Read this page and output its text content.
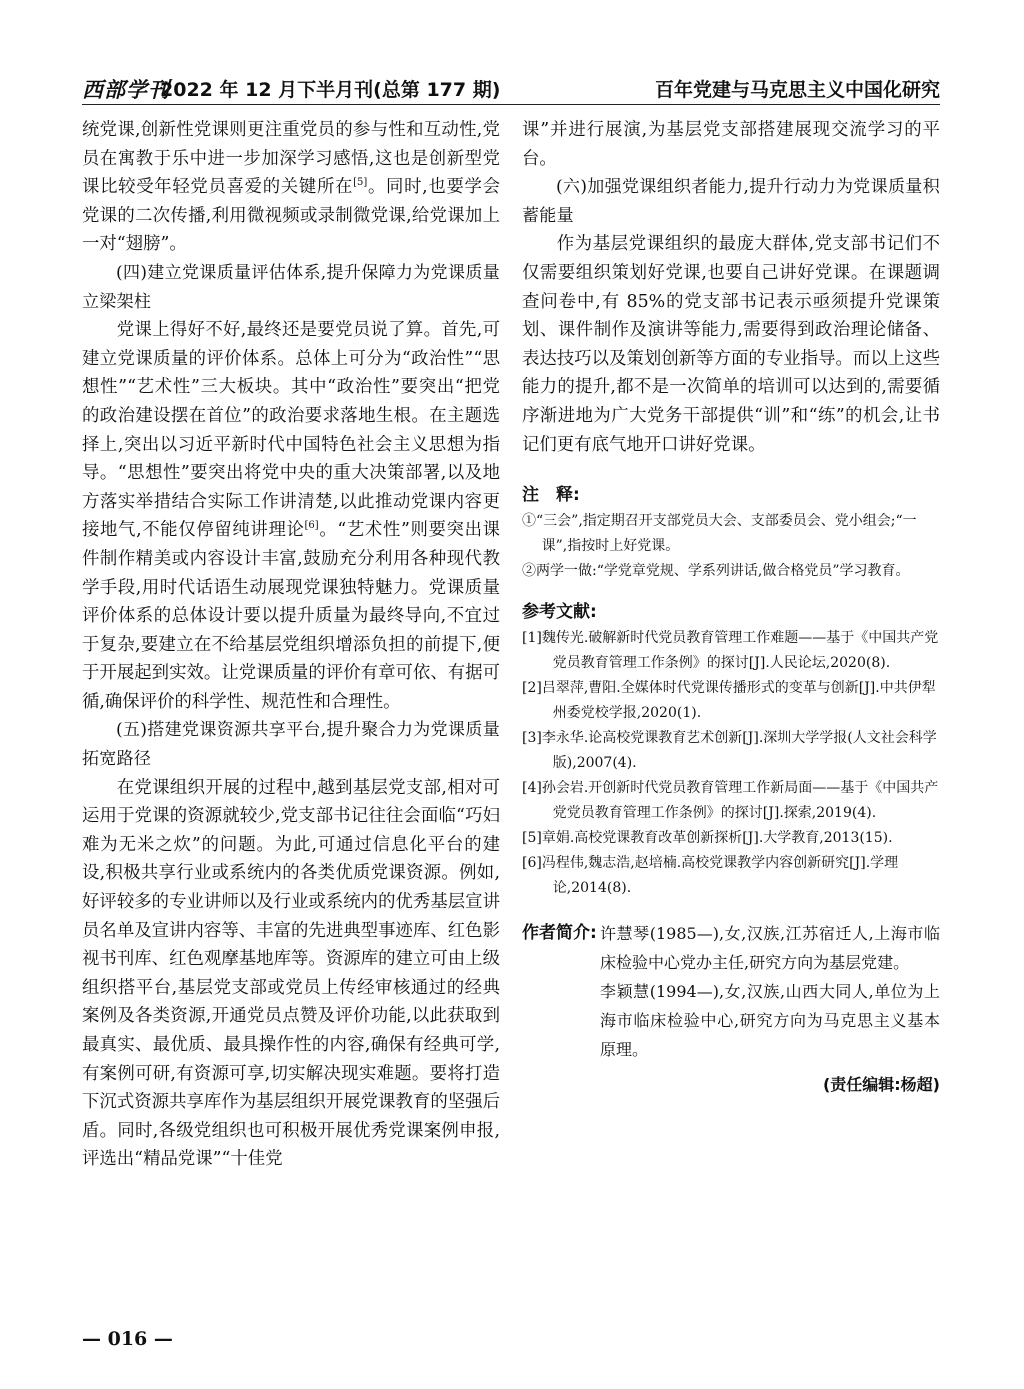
西部学刊
2022 年 12 月下半月刊(总第 177 期)	百年党建与马克思主义中国化研究

统党课,创新性党课则更注重党员的参与性和互动性,党员在寓教于乐中进一步加深学习感悟,这也是创新型党课比较受年轻党员喜爱的关键所在[5]。同时,也要学会党课的二次传播,利用微视频或录制微党课,给党课加上一对“翅膀”。

(四)建立党课质量评估体系,提升保障力为党课质量立梁架柱

党课上得好不好,最终还是要党员说了算。首先,可建立党课质量的评价体系。总体上可分为“政治性”“思想性”“艺术性”三大板块。其中“政治性”要突出“把党的政治建设摆在首位”的政治要求落地生根。在主题选择上,突出以习近平新时代中国特色社会主义思想为指导。“思想性”要突出将党中央的重大决策部署,以及地方落实举措结合实际工作讲清楚,以此推动党课内容更接地气,不能仅停留纯讲理论[6]。“艺术性”则要突出课件制作精美或内容设计丰富,鼓励充分利用各种现代教学手段,用时代话语生动展现党课独特魅力。党课质量评价体系的总体设计要以提升质量为最终导向,不宜过于复杂,要建立在不给基层党组织增添负担的前提下,便于开展起到实效。让党课质量的评价有章可依、有据可循,确保评价的科学性、规范性和合理性。

(五)搭建党课资源共享平台,提升聚合力为党课质量拓宽路径

在党课组织开展的过程中,越到基层党支部,相对可运用于党课的资源就较少,党支部书记往往会面临“巧妇难为无米之炊”的问题。为此,可通过信息化平台的建设,积极共享行业或系统内的各类优质党课资源。例如,好评较多的专业讲师以及行业或系统内的优秀基层宣讲员名单及宣讲内容等、丰富的先进典型事迹库、红色影视书刊库、红色观摩基地库等。资源库的建立可由上级组织搭平台,基层党支部或党员上传经审核通过的经典案例及各类资源,开通党员点赞及评价功能,以此获取到最真实、最优质、最具操作性的内容,确保有经典可学,有案例可研,有资源可享,切实解决现实难题。要将打造下沉式资源共享库作为基层组织开展党课教育的坚强后盾。同时,各级党组织也可积极开展优秀党课案例申报,评选出“精品党课”“十佳党

课”并进行展演,为基层党支部搭建展现交流学习的平台。

(六)加强党课组织者能力,提升行动力为党课质量积蓄能量

作为基层党课组织的最庞大群体,党支部书记们不仅需要组织策划好党课,也要自己讲好党课。在课题调查问卷中,有 85%的党支部书记表示亟须提升党课策划、课件制作及演讲等能力,需要得到政治理论储备、表达技巧以及策划创新等方面的专业指导。而以上这些能力的提升,都不是一次简单的培训可以达到的,需要循序渐进地为广大党务干部提供“训”和“练”的机会,让书记们更有底气地开口讲好党课。

注　释:

①“三会”,指定期召开支部党员大会、支部委员会、党小组会;“一课”,指按时上好党课。

②两学一做:“学党章党规、学系列讲话,做合格党员”学习教育。

参考文献:

[1]魏传光.破解新时代党员教育管理工作难题——基于《中国共产党党员教育管理工作条例》的探讨[J].人民论坛,2020(8).

[2]吕翠萍,曹阳.全媒体时代党课传播形式的变革与创新[J].中共伊犁州委党校学报,2020(1).

[3]李永华.论高校党课教育艺术创新[J].深圳大学学报(人文社会科学版),2007(4).

[4]孙会岩.开创新时代党员教育管理工作新局面——基于《中国共产党党员教育管理工作条例》的探讨[J].探索,2019(4).

[5]章娟.高校党课教育改革创新探析[J].大学教育,2013(15).

[6]冯程伟,魏志浩,赵培楠.高校党课教学内容创新研究[J].学理论,2014(8).

作者简介: 许慧琴(1985—),女,汉族,江苏宿迁人,上海市临床检验中心党办主任,研究方向为基层党建。

李颖慧(1994—),女,汉族,山西大同人,单位为上海市临床检验中心,研究方向为马克思主义基本原理。

(责任编辑:杨超)
— 016 —
